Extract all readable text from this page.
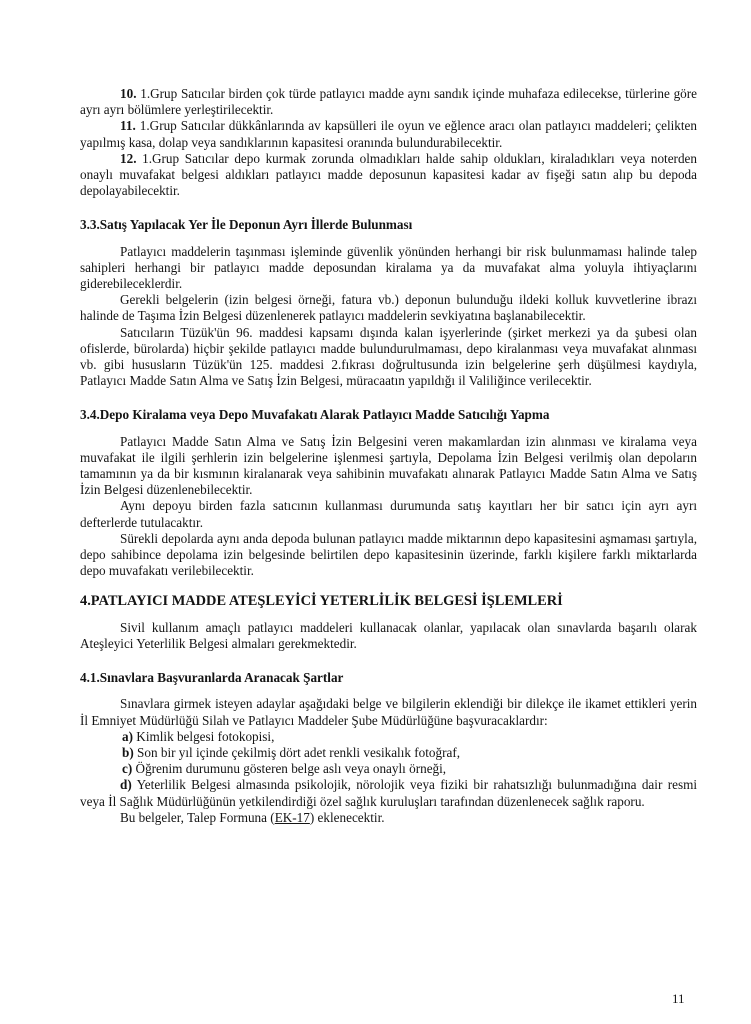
10. 1.Grup Satıcılar birden çok türde patlayıcı madde aynı sandık içinde muhafaza edilecekse, türlerine göre ayrı ayrı bölümlere yerleştirilecektir.

11. 1.Grup Satıcılar dükkânlarında av kapsülleri ile oyun ve eğlence aracı olan patlayıcı maddeleri; çelikten yapılmış kasa, dolap veya sandıklarının kapasitesi oranında bulundurabilecektir.

12. 1.Grup Satıcılar depo kurmak zorunda olmadıkları halde sahip oldukları, kiraladıkları veya noterden onaylı muvafakat belgesi aldıkları patlayıcı madde deposunun kapasitesi kadar av fişeği satın alıp bu depoda depolayabilecektir.

3.3.Satış Yapılacak Yer İle Deponun Ayrı İllerde Bulunması

Patlayıcı maddelerin taşınması işleminde güvenlik yönünden herhangi bir risk bulunmaması halinde talep sahipleri herhangi bir patlayıcı madde deposundan kiralama ya da muvafakat alma yoluyla ihtiyaçlarını giderebileceklerdir.

Gerekli belgelerin (izin belgesi örneği, fatura vb.) deponun bulunduğu ildeki kolluk kuvvetlerine ibrazı halinde de Taşıma İzin Belgesi düzenlenerek patlayıcı maddelerin sevkiyatına başlanabilecektir.

Satıcıların Tüzük'ün 96. maddesi kapsamı dışında kalan işyerlerinde (şirket merkezi ya da şubesi olan ofislerde, bürolarda) hiçbir şekilde patlayıcı madde bulundurulmaması, depo kiralanması veya muvafakat alınması vb. gibi hususların Tüzük'ün 125. maddesi 2.fıkrası doğrultusunda izin belgelerine şerh düşülmesi kaydıyla, Patlayıcı Madde Satın Alma ve Satış İzin Belgesi, müracaatın yapıldığı il Valiliğince verilecektir.

3.4.Depo Kiralama veya Depo Muvafakatı Alarak Patlayıcı Madde Satıcılığı Yapma

Patlayıcı Madde Satın Alma ve Satış İzin Belgesini veren makamlardan izin alınması ve kiralama veya muvafakat ile ilgili şerhlerin izin belgelerine işlenmesi şartıyla, Depolama İzin Belgesi verilmiş olan depoların tamamının ya da bir kısmının kiralanarak veya sahibinin muvafakatı alınarak Patlayıcı Madde Satın Alma ve Satış İzin Belgesi düzenlenebilecektir.

Aynı depoyu birden fazla satıcının kullanması durumunda satış kayıtları her bir satıcı için ayrı ayrı defterlerde tutulacaktır.

Sürekli depolarda aynı anda depoda bulunan patlayıcı madde miktarının depo kapasitesini aşmaması şartıyla, depo sahibince depolama izin belgesinde belirtilen depo kapasitesinin üzerinde, farklı kişilere farklı miktarlarda depo muvafakatı verilebilecektir.

4.PATLAYICI MADDE ATEŞLEYİCİ YETERLİLİK BELGESİ İŞLEMLERİ

Sivil kullanım amaçlı patlayıcı maddeleri kullanacak olanlar, yapılacak olan sınavlarda başarılı olarak Ateşleyici Yeterlilik Belgesi almaları gerekmektedir.

4.1.Sınavlara Başvuranlarda Aranacak Şartlar

Sınavlara girmek isteyen adaylar aşağıdaki belge ve bilgilerin eklendiği bir dilekçe ile ikamet ettikleri yerin İl Emniyet Müdürlüğü Silah ve Patlayıcı Maddeler Şube Müdürlüğüne başvuracaklardır:

a) Kimlik belgesi fotokopisi,

b) Son bir yıl içinde çekilmiş dört adet renkli vesikalık fotoğraf,

c) Öğrenim durumunu gösteren belge aslı veya onaylı örneği,

d) Yeterlilik Belgesi almasında psikolojik, nörolojik veya fiziki bir rahatsızlığı bulunmadığına dair resmi veya İl Sağlık Müdürlüğünün yetkilendirdiği özel sağlık kuruluşları tarafından düzenlenecek sağlık raporu.

Bu belgeler, Talep Formuna (EK-17) eklenecektir.

11
